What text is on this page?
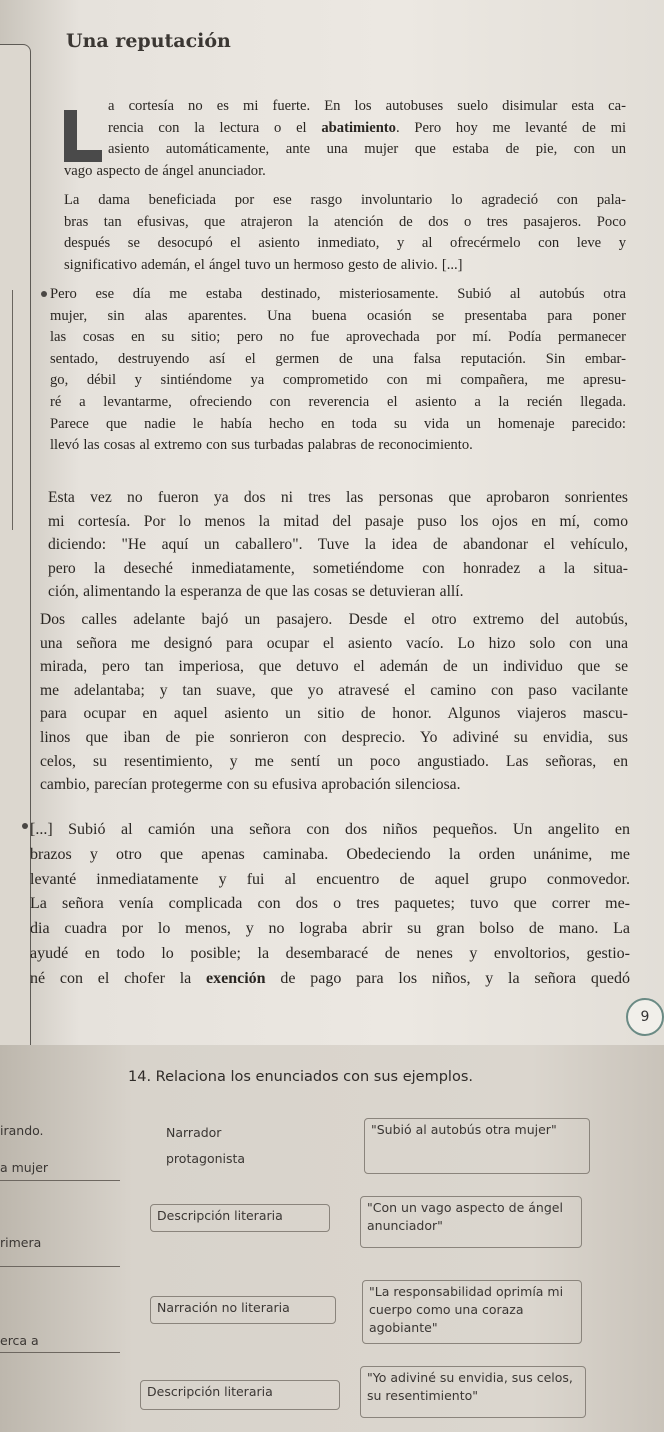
Una reputación
a cortesía no es mi fuerte. En los autobuses suelo disimular esta ca-
rencia con la lectura o el abatimiento. Pero hoy me levanté de mi
asiento automáticamente, ante una mujer que estaba de pie, con un
vago aspecto de ángel anunciador.
La dama beneficiada por ese rasgo involuntario lo agradeció con pala-
bras tan efusivas, que atrajeron la atención de dos o tres pasajeros. Poco
después se desocupó el asiento inmediato, y al ofrecérmelo con leve y
significativo ademán, el ángel tuvo un hermoso gesto de alivio. [...]
Pero ese día me estaba destinado, misteriosamente. Subió al autobús otra
mujer, sin alas aparentes. Una buena ocasión se presentaba para poner
las cosas en su sitio; pero no fue aprovechada por mí. Podía permanecer
sentado, destruyendo así el germen de una falsa reputación. Sin embar-
go, débil y sintiéndome ya comprometido con mi compañera, me apresu-
ré a levantarme, ofreciendo con reverencia el asiento a la recién llegada.
Parece que nadie le había hecho en toda su vida un homenaje parecido:
llevó las cosas al extremo con sus turbadas palabras de reconocimiento.
Esta vez no fueron ya dos ni tres las personas que aprobaron sonrientes
mi cortesía. Por lo menos la mitad del pasaje puso los ojos en mí, como
diciendo: "He aquí un caballero". Tuve la idea de abandonar el vehículo,
pero la deseché inmediatamente, sometiéndome con honradez a la situa-
ción, alimentando la esperanza de que las cosas se detuvieran allí.
Dos calles adelante bajó un pasajero. Desde el otro extremo del autobús,
una señora me designó para ocupar el asiento vacío. Lo hizo solo con una
mirada, pero tan imperiosa, que detuvo el ademán de un individuo que se
me adelantaba; y tan suave, que yo atravesé el camino con paso vacilante
para ocupar en aquel asiento un sitio de honor. Algunos viajeros mascu-
linos que iban de pie sonrieron con desprecio. Yo adiviné su envidia, sus
celos, su resentimiento, y me sentí un poco angustiado. Las señoras, en
cambio, parecían protegerme con su efusiva aprobación silenciosa.
[...] Subió al camión una señora con dos niños pequeños. Un angelito en
brazos y otro que apenas caminaba. Obedeciendo la orden unánime, me
levanté inmediatamente y fui al encuentro de aquel grupo conmovedor.
La señora venía complicada con dos o tres paquetes; tuvo que correr me-
dia cuadra por lo menos, y no lograba abrir su gran bolso de mano. La
ayudé en todo lo posible; la desembaracé de nenes y envoltorios, gestio-
né con el chofer la exención de pago para los niños, y la señora quedó
9
14. Relaciona los enunciados con sus ejemplos.
irando.
a mujer
rimera
erca a
Narrador protagonista
Descripción literaria
Narración no literaria
Descripción literaria
"Subió al autobús otra mujer"
"Con un vago aspecto de ángel anunciador"
"La responsabilidad oprimía mi cuerpo como una coraza agobiante"
"Yo adiviné su envidia, sus celos, su resentimiento"
